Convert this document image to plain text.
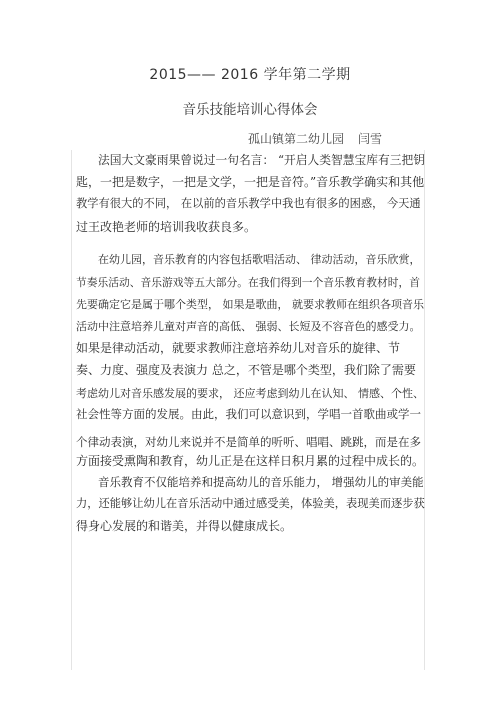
2015—— 2016 学年第二学期
音乐技能培训心得体会
孤山镇第二幼儿园 闫雪
法国大文豪雨果曾说过一句名言： “开启人类智慧宝库有三把钥
匙，一把是数字，一把是文学，一把是音符。”音乐教学确实和其他
教学有很大的不同， 在以前的音乐教学中我也有很多的困惑， 今天通
过王改艳老师的培训我收获良多。
在幼儿园，音乐教育的内容包括歌唱活动、 律动活动，音乐欣赏，
节奏乐活动、音乐游戏等五大部分。在我们得到一个音乐教育教材时，首
先要确定它是属于哪个类型， 如果是歌曲， 就要求教师在组织各项音乐
活动中注意培养儿童对声音的高低、 强弱、长短及不容音色的感受力。
如果是律动活动，就要求教师注意培养幼儿对音乐的旋律、节
奏、力度、强度及表演力 总之，不管是哪个类型，我们除了需要
考虑幼儿对音乐感发展的要求， 还应考虑到幼儿在认知、 情感、个性、
社会性等方面的发展。由此，我们可以意识到，学唱一首歌曲或学一
个律动表演，对幼儿来说并不是简单的听听、唱唱、跳跳，而是在多
方面接受熏陶和教育，幼儿正是在这样日积月累的过程中成长的。
音乐教育不仅能培养和提高幼儿的音乐能力， 增强幼儿的审美能
力，还能够让幼儿在音乐活动中通过感受美，体验美，表现美而逐步获
得身心发展的和谐美，并得以健康成长。
